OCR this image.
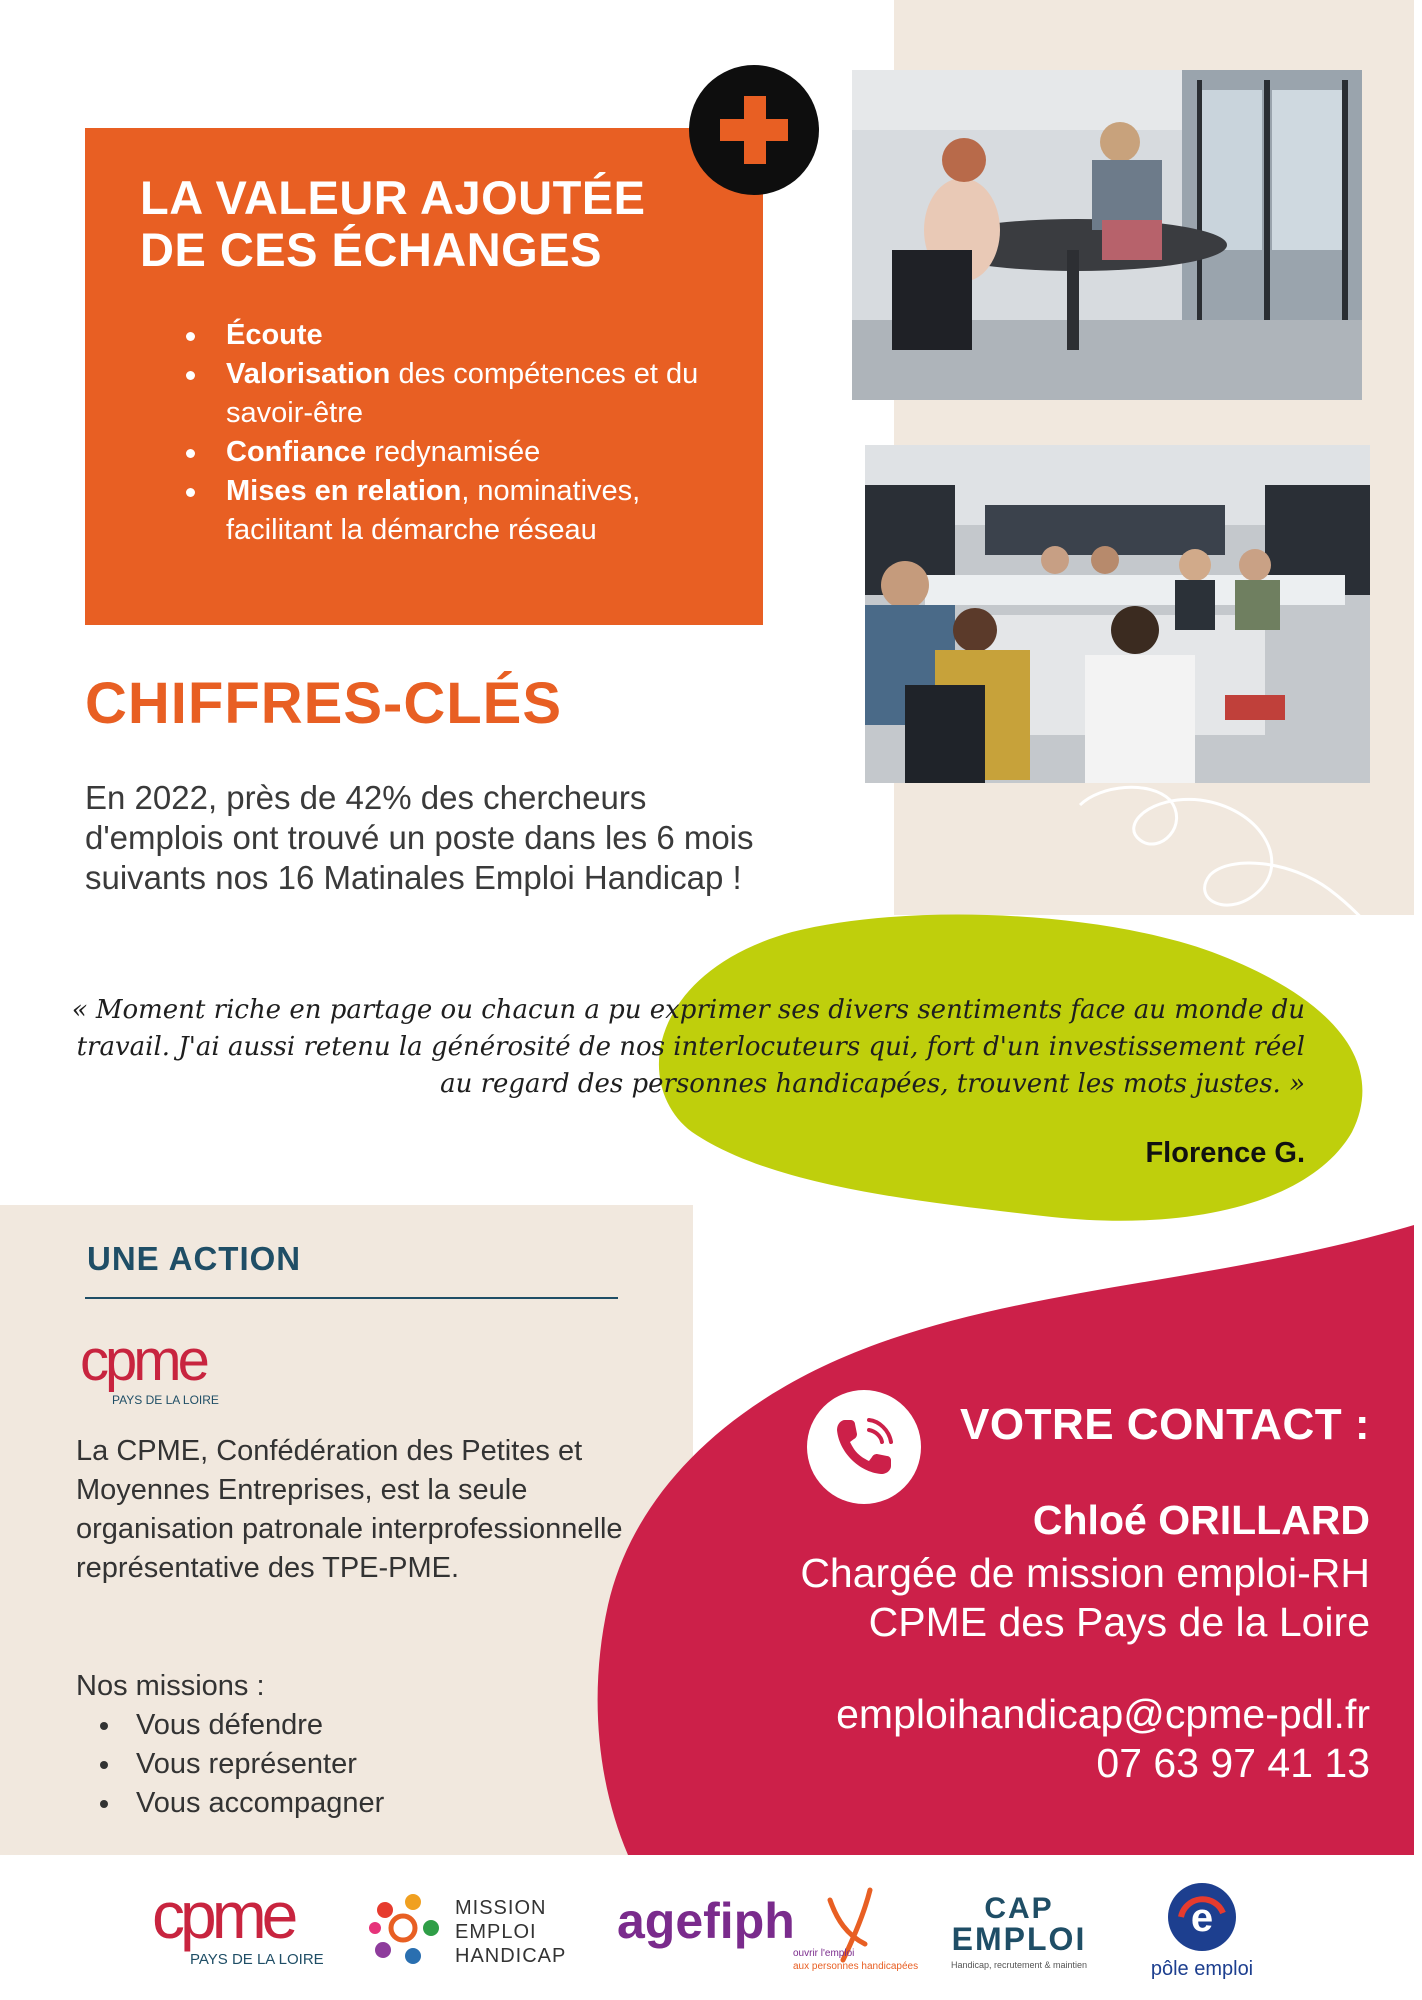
LA VALEUR AJOUTÉE
DE CES ÉCHANGES
Écoute
Valorisation des compétences et du savoir-être
Confiance redynamisée
Mises en relation, nominatives, facilitant la démarche réseau
CHIFFRES-CLÉS
En 2022, près de 42% des chercheurs d'emplois ont trouvé un poste dans les 6 mois suivants nos 16 Matinales Emploi Handicap !
« Moment riche en partage ou chacun a pu exprimer ses divers sentiments face au monde du travail. J'ai aussi retenu la générosité de nos interlocuteurs qui, fort d'un investissement réel au regard des personnes handicapées, trouvent les mots justes. »
Florence G.
UNE ACTION
cpme
PAYS DE LA LOIRE
La CPME, Confédération des Petites et Moyennes Entreprises, est la seule organisation patronale interprofessionnelle représentative des TPE-PME.
Nos missions :
Vous défendre
Vous représenter
Vous accompagner
VOTRE CONTACT :
Chloé ORILLARD
Chargée de mission emploi-RH
CPME des Pays de la Loire
emploihandicap@cpme-pdl.fr
07 63 97 41 13
cpme
PAYS DE LA LOIRE
MISSION
EMPLOI
HANDICAP
agefiph
ouvrir l'emploi
aux personnes handicapées
CAP
EMPLOI
Handicap, recrutement & maintien
e
pôle emploi
